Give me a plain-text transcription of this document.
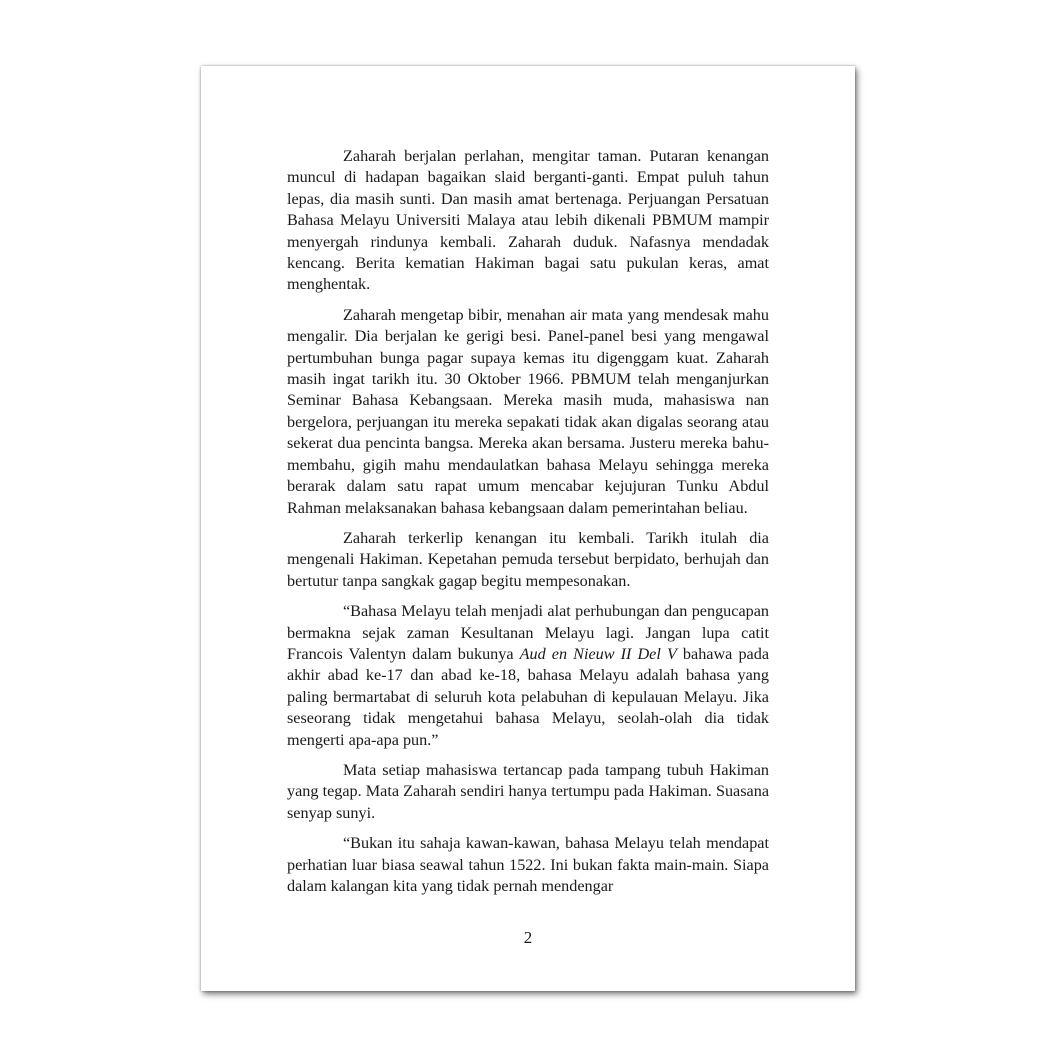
Zaharah berjalan perlahan, mengitar taman. Putaran kenangan muncul di hadapan bagaikan slaid berganti-ganti. Empat puluh tahun lepas, dia masih sunti. Dan masih amat bertenaga. Perjuangan Persatuan Bahasa Melayu Universiti Malaya atau lebih dikenali PBMUM mampir menyergah rindunya kembali. Zaharah duduk. Nafasnya mendadak kencang. Berita kematian Hakiman bagai satu pukulan keras, amat menghentak.

Zaharah mengetap bibir, menahan air mata yang mendesak mahu mengalir. Dia berjalan ke gerigi besi. Panel-panel besi yang mengawal pertumbuhan bunga pagar supaya kemas itu digenggam kuat. Zaharah masih ingat tarikh itu. 30 Oktober 1966. PBMUM telah menganjurkan Seminar Bahasa Kebangsaan. Mereka masih muda, mahasiswa nan bergelora, perjuangan itu mereka sepakati tidak akan digalas seorang atau sekerat dua pencinta bangsa. Mereka akan bersama. Justeru mereka bahu-membahu, gigih mahu mendaulatkan bahasa Melayu sehingga mereka berarak dalam satu rapat umum mencabar kejujuran Tunku Abdul Rahman melaksanakan bahasa kebangsaan dalam pemerintahan beliau.

Zaharah terkerlip kenangan itu kembali. Tarikh itulah dia mengenali Hakiman. Kepetahan pemuda tersebut berpidato, berhujah dan bertutur tanpa sangkak gagap begitu mempesonakan.

“Bahasa Melayu telah menjadi alat perhubungan dan pengucapan bermakna sejak zaman Kesultanan Melayu lagi. Jangan lupa catit Francois Valentyn dalam bukunya Aud en Nieuw II Del V bahawa pada akhir abad ke-17 dan abad ke-18, bahasa Melayu adalah bahasa yang paling bermartabat di seluruh kota pelabuhan di kepulauan Melayu. Jika seseorang tidak mengetahui bahasa Melayu, seolah-olah dia tidak mengerti apa-apa pun.”

Mata setiap mahasiswa tertancap pada tampang tubuh Hakiman yang tegap. Mata Zaharah sendiri hanya tertumpu pada Hakiman. Suasana senyap sunyi.

“Bukan itu sahaja kawan-kawan, bahasa Melayu telah mendapat perhatian luar biasa seawal tahun 1522. Ini bukan fakta main-main. Siapa dalam kalangan kita yang tidak pernah mendengar

2
